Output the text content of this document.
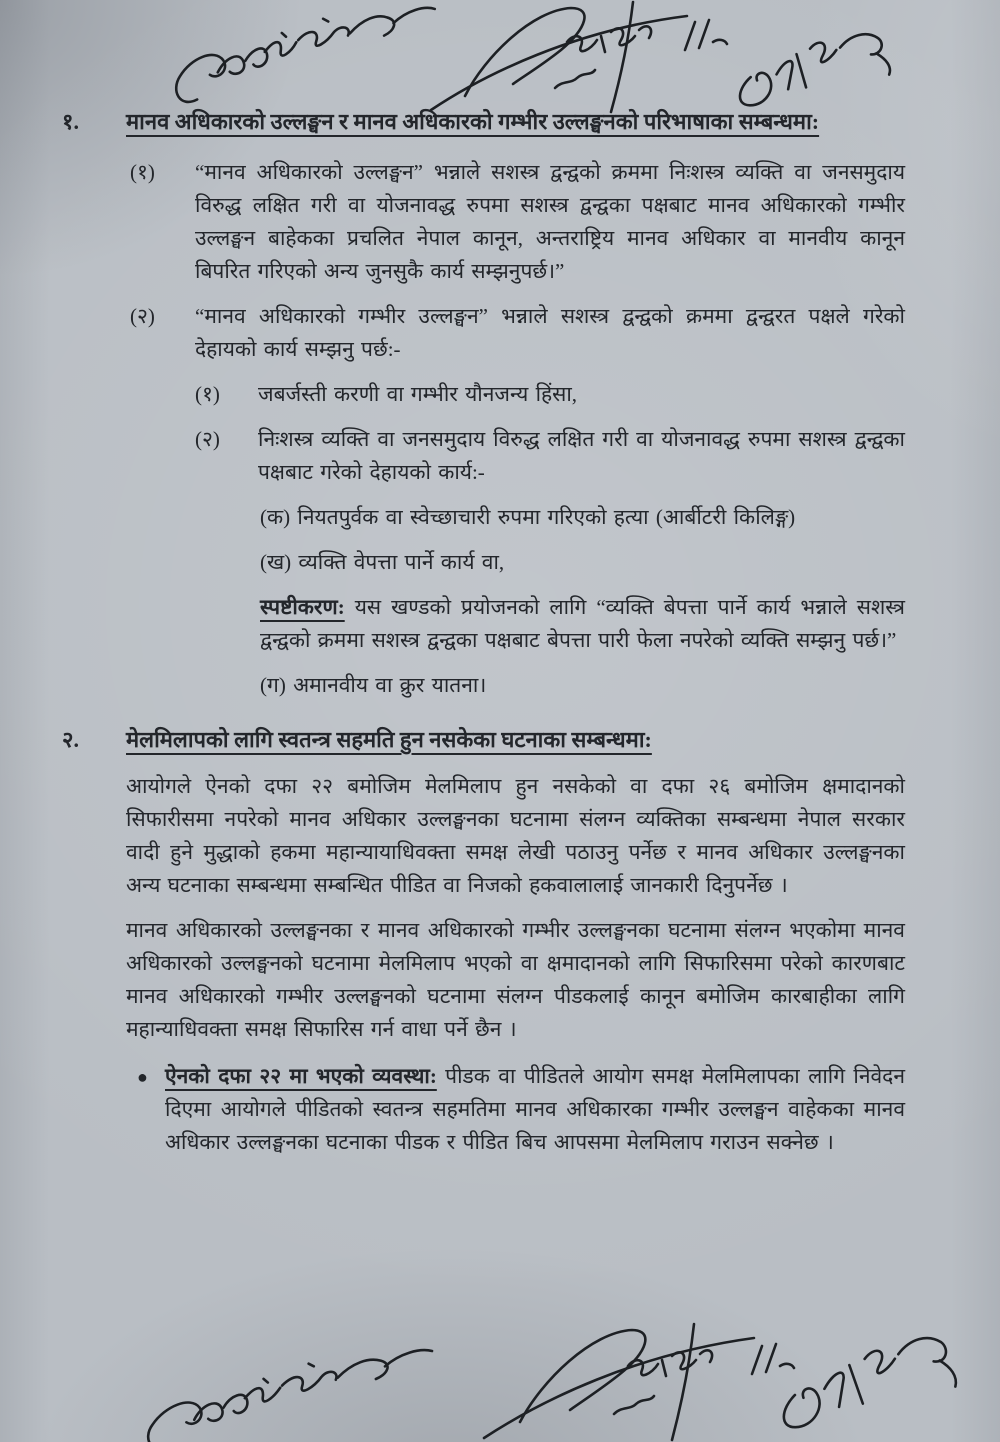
१. मानव अधिकारको उल्लङ्घन र मानव अधिकारको गम्भीर उल्लङ्घनको परिभाषाका सम्बन्धमा:
(१) “मानव अधिकारको उल्लङ्घन” भन्नाले सशस्त्र द्वन्द्वको क्रममा निःशस्त्र व्यक्ति वा जनसमुदाय विरुद्ध लक्षित गरी वा योजनावद्ध रुपमा सशस्त्र द्वन्द्वका पक्षबाट मानव अधिकारको गम्भीर उल्लङ्घन बाहेकका प्रचलित नेपाल कानून, अन्तराष्ट्रिय मानव अधिकार वा मानवीय कानून बिपरित गरिएको अन्य जुनसुकै कार्य सम्झनुपर्छ।”
(२) “मानव अधिकारको गम्भीर उल्लङ्घन” भन्नाले सशस्त्र द्वन्द्वको क्रममा द्वन्द्वरत पक्षले गरेको देहायको कार्य सम्झनु पर्छ:-
(१) जबर्जस्ती करणी वा गम्भीर यौनजन्य हिंसा,
(२) निःशस्त्र व्यक्ति वा जनसमुदाय विरुद्ध लक्षित गरी वा योजनावद्ध रुपमा सशस्त्र द्वन्द्वका पक्षबाट गरेको देहायको कार्य:-
(क) नियतपुर्वक वा स्वेच्छाचारी रुपमा गरिएको हत्या (आर्बीटरी किलिङ्ग)
(ख) व्यक्ति वेपत्ता पार्ने कार्य वा,
स्पष्टीकरण: यस खण्डको प्रयोजनको लागि “व्यक्ति बेपत्ता पार्ने कार्य भन्नाले सशस्त्र द्वन्द्वको क्रममा सशस्त्र द्वन्द्वका पक्षबाट बेपत्ता पारी फेला नपरेको व्यक्ति सम्झनु पर्छ।”
(ग) अमानवीय वा क्रुर यातना।
२. मेलमिलापको लागि स्वतन्त्र सहमति हुन नसकेका घटनाका सम्बन्धमा:
आयोगले ऐनको दफा २२ बमोजिम मेलमिलाप हुन नसकेको वा दफा २६ बमोजिम क्षमादानको सिफारीसमा नपरेको मानव अधिकार उल्लङ्घनका घटनामा संलग्न व्यक्तिका सम्बन्धमा नेपाल सरकार वादी हुने मुद्धाको हकमा महान्यायाधिवक्ता समक्ष लेखी पठाउनु पर्नेछ र मानव अधिकार उल्लङ्घनका अन्य घटनाका सम्बन्धमा सम्बन्धित पीडित वा निजको हकवालालाई जानकारी दिनुपर्नेछ ।
मानव अधिकारको उल्लङ्घनका र मानव अधिकारको गम्भीर उल्लङ्घनका घटनामा संलग्न भएकोमा मानव अधिकारको उल्लङ्घनको घटनामा मेलमिलाप भएको वा क्षमादानको लागि सिफारिसमा परेको कारणबाट मानव अधिकारको गम्भीर उल्लङ्घनको घटनामा संलग्न पीडकलाई कानून बमोजिम कारबाहीका लागि महान्याधिवक्ता समक्ष सिफारिस गर्न वाधा पर्ने छैन ।
● ऐनको दफा २२ मा भएको व्यवस्था: पीडक वा पीडितले आयोग समक्ष मेलमिलापका लागि निवेदन दिएमा आयोगले पीडितको स्वतन्त्र सहमतिमा मानव अधिकारका गम्भीर उल्लङ्घन वाहेकका मानव अधिकार उल्लङ्घनका घटनाका पीडक र पीडित बिच आपसमा मेलमिलाप गराउन सक्नेछ ।
